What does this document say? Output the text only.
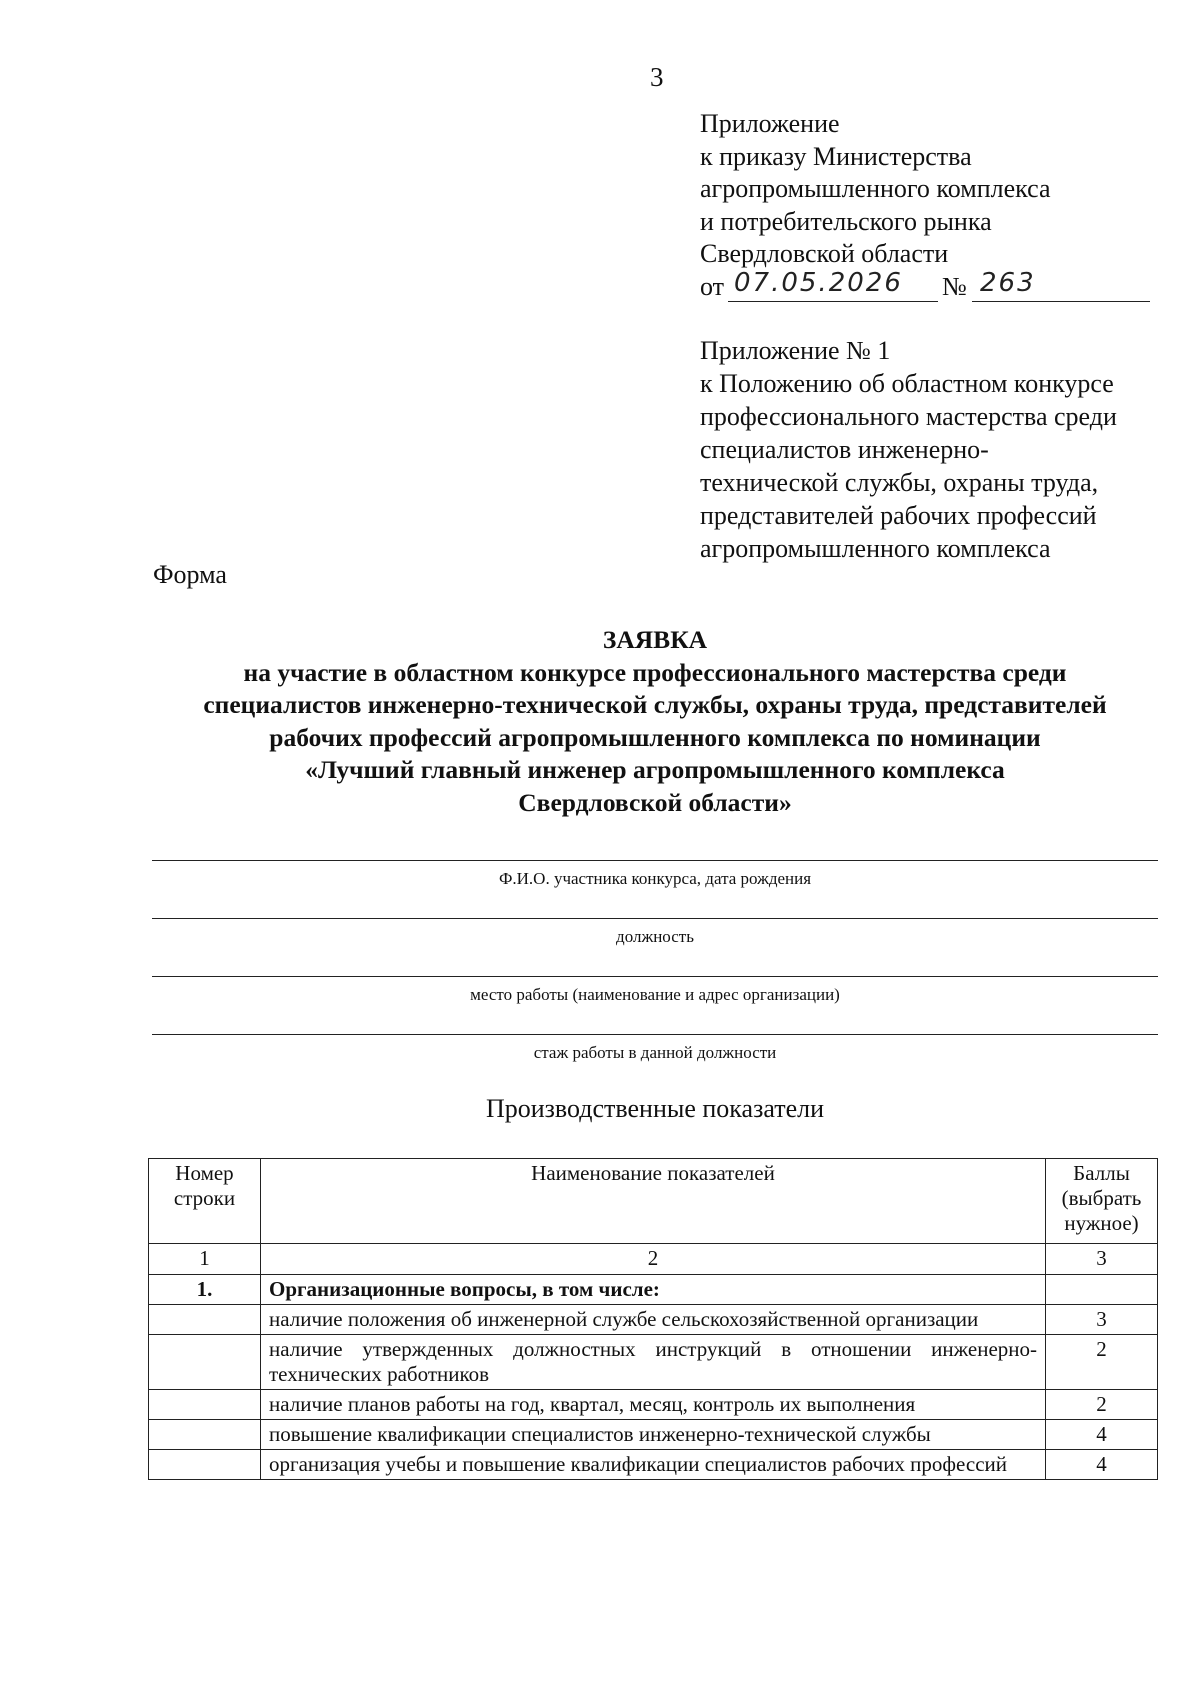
3
Приложение
к приказу Министерства
агропромышленного комплекса
и потребительского рынка
Свердловской области
от 07.05.2026 № 263
Приложение № 1
к Положению об областном конкурсе
профессионального мастерства среди
специалистов инженерно-
технической службы, охраны труда,
представителей рабочих профессий
агропромышленного комплекса
Форма
ЗАЯВКА
на участие в областном конкурсе профессионального мастерства среди
специалистов инженерно-технической службы, охраны труда, представителей
рабочих профессий агропромышленного комплекса по номинации
«Лучший главный инженер агропромышленного комплекса
Свердловской области»
Ф.И.О. участника конкурса, дата рождения
должность
место работы (наименование и адрес организации)
стаж работы в данной должности
Производственные показатели
Номер строки	Наименование показателей	Баллы (выбрать нужное)
1	2	3
1.	Организационные вопросы, в том числе:	
	наличие положения об инженерной службе сельскохозяйственной организации	3
	наличие утвержденных должностных инструкций в отношении инженерно-технических работников	2
	наличие планов работы на год, квартал, месяц, контроль их выполнения	2
	повышение квалификации специалистов инженерно-технической службы	4
	организация учебы и повышение квалификации специалистов рабочих профессий	4
